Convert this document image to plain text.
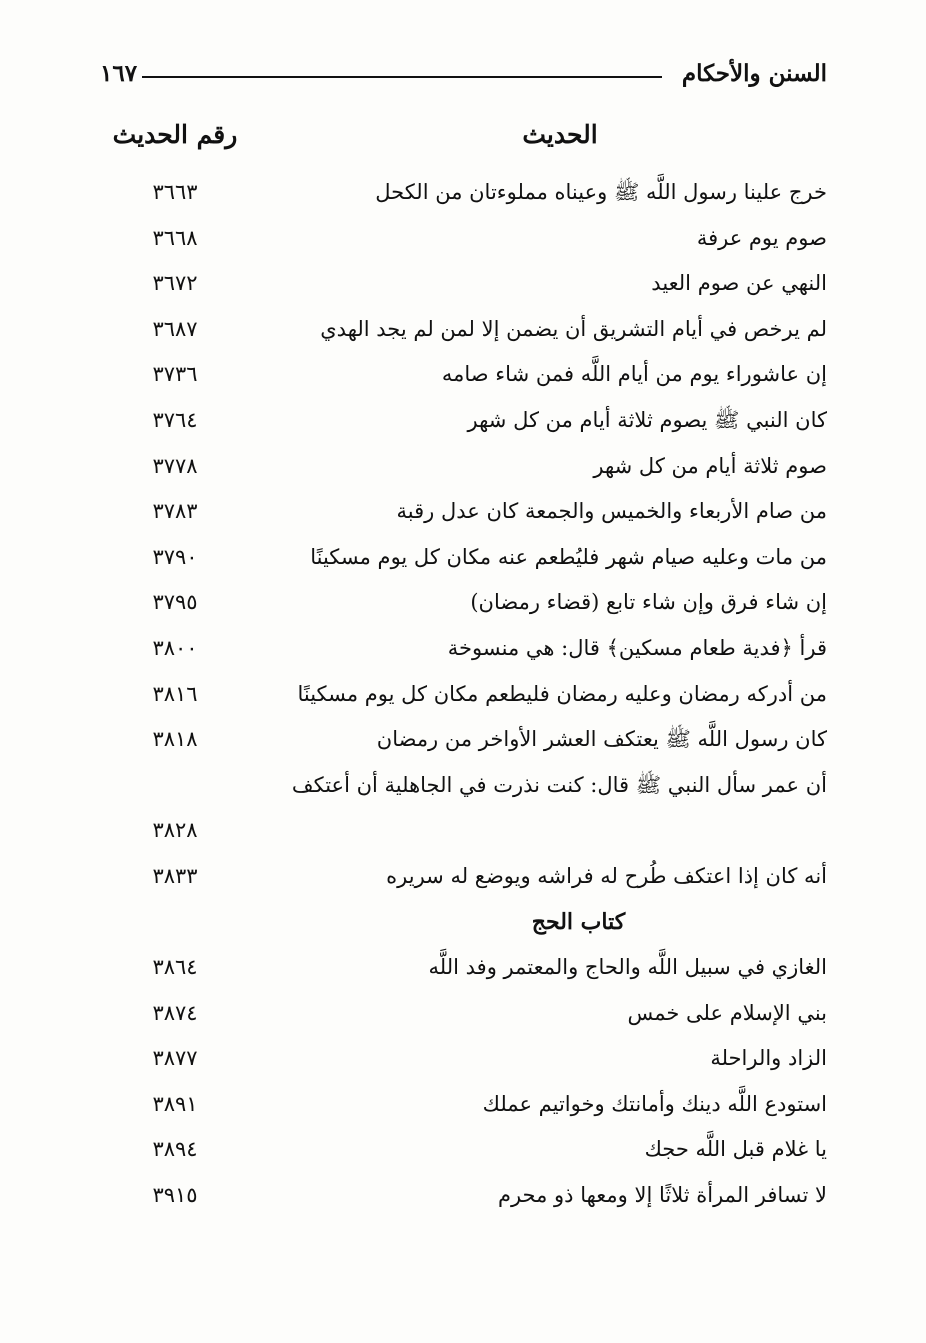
السنن والأحكام
١٦٧
الحديث
رقم الحديث
خرج علينا رسول اللَّه ﷺ وعيناه مملوءتان من الكحل
٣٦٦٣
صوم يوم عرفة
٣٦٦٨
النهي عن صوم العيد
٣٦٧٢
لم يرخص في أيام التشريق أن يضمن إلا لمن لم يجد الهدي
٣٦٨٧
إن عاشوراء يوم من أيام اللَّه فمن شاء صامه
٣٧٣٦
كان النبي ﷺ يصوم ثلاثة أيام من كل شهر
٣٧٦٤
صوم ثلاثة أيام من كل شهر
٣٧٧٨
من صام الأربعاء والخميس والجمعة كان عدل رقبة
٣٧٨٣
من مات وعليه صيام شهر فليُطعم عنه مكان كل يوم مسكينًا
٣٧٩٠
إن شاء فرق وإن شاء تابع (قضاء رمضان)
٣٧٩٥
قرأ ﴿فدية طعام مسكين﴾ قال: هي منسوخة
٣٨٠٠
من أدركه رمضان وعليه رمضان فليطعم مكان كل يوم مسكينًا
٣٨١٦
كان رسول اللَّه ﷺ يعتكف العشر الأواخر من رمضان
٣٨١٨
أن عمر سأل النبي ﷺ قال: كنت نذرت في الجاهلية أن أعتكف
٣٨٢٨
أنه كان إذا اعتكف طُرح له فراشه ويوضع له سريره
٣٨٣٣
كتاب الحج
الغازي في سبيل اللَّه والحاج والمعتمر وفد اللَّه
٣٨٦٤
بني الإسلام على خمس
٣٨٧٤
الزاد والراحلة
٣٨٧٧
استودع اللَّه دينك وأمانتك وخواتيم عملك
٣٨٩١
يا غلام قبل اللَّه حجك
٣٨٩٤
لا تسافر المرأة ثلاثًا إلا ومعها ذو محرم
٣٩١٥
